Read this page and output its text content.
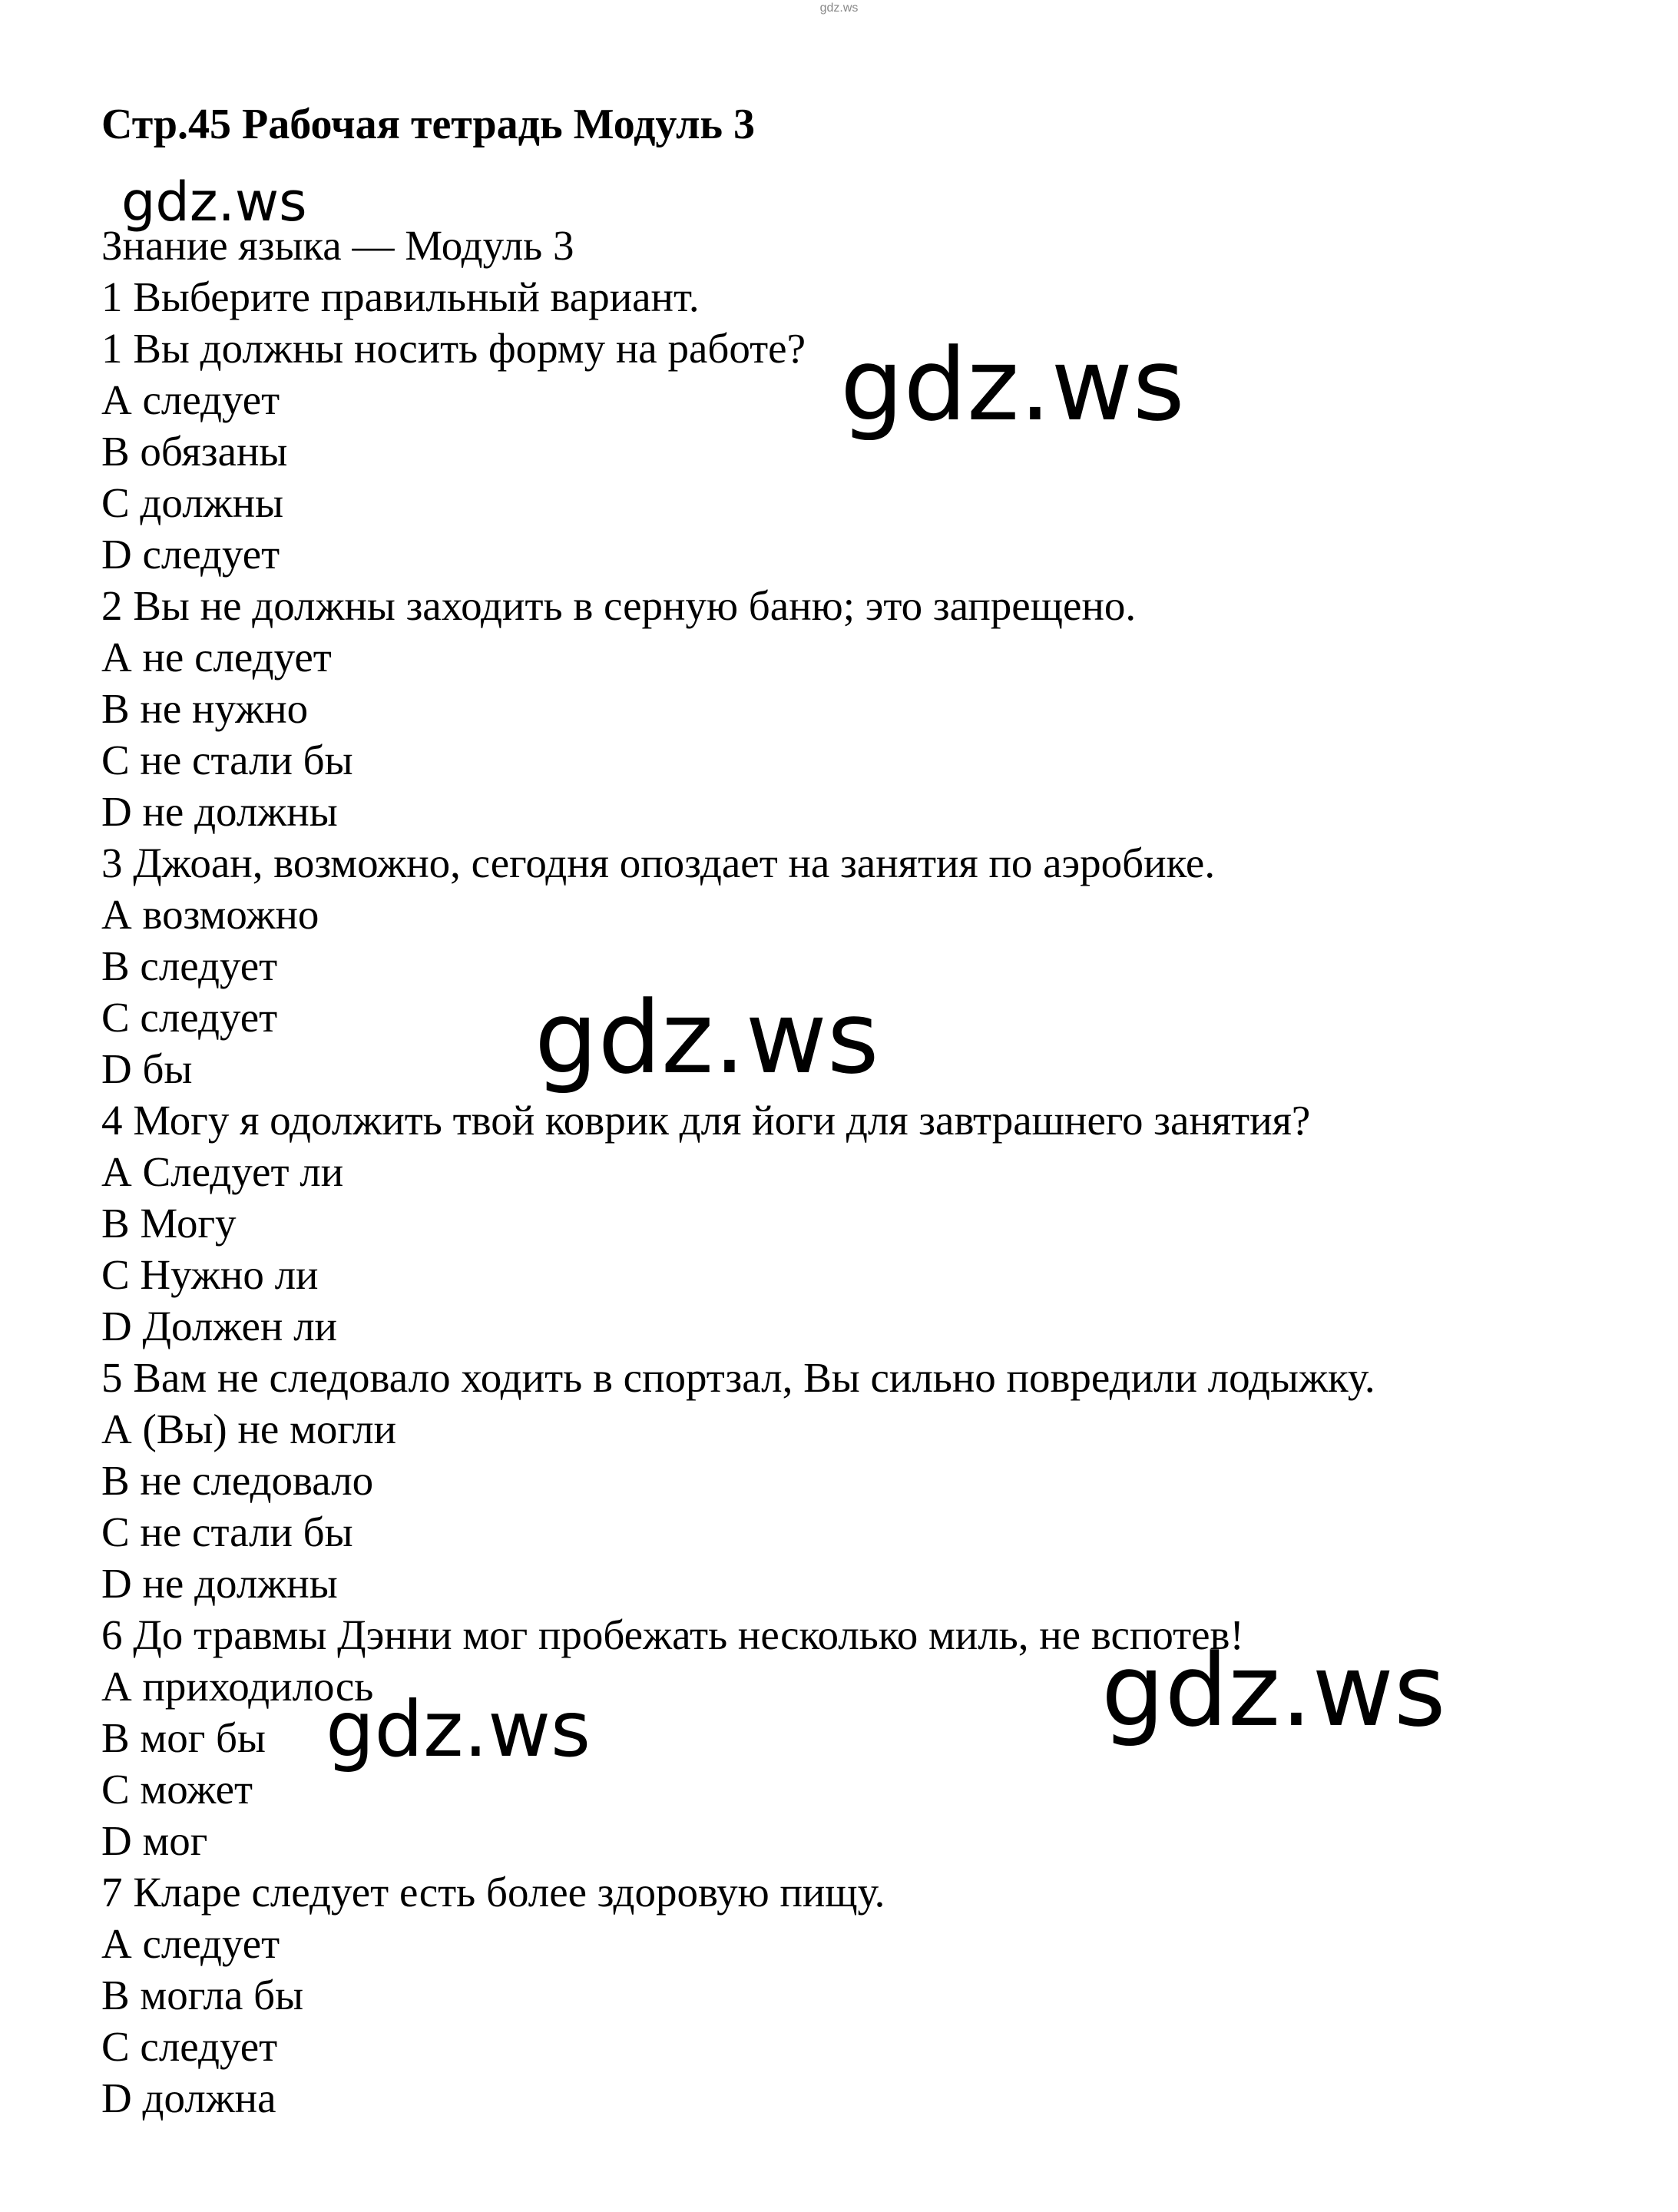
gdz.ws
Стр.45 Рабочая тетрадь Модуль 3
Знание языка — Модуль 3
1 Выберите правильный вариант.
1 Вы должны носить форму на работе?
А следует
В обязаны
С должны
D следует
2 Вы не должны заходить в серную баню; это запрещено.
А не следует
В не нужно
С не стали бы
D не должны
3 Джоан, возможно, сегодня опоздает на занятия по аэробике.
А возможно
В следует
С следует
D бы
4 Могу я одолжить твой коврик для йоги для завтрашнего занятия?
А Следует ли
В Могу
С Нужно ли
D Должен ли
5 Вам не следовало ходить в спортзал, Вы сильно повредили лодыжку.
А (Вы) не могли
В не следовало
С не стали бы
D не должны
6 До травмы Дэнни мог пробежать несколько миль, не вспотев!
А приходилось
В мог бы
С может
D мог
7 Кларе следует есть более здоровую пищу.
А следует
В могла бы
С следует
D должна
gdz.ws
gdz.ws
gdz.ws
gdz.ws
gdz.ws
